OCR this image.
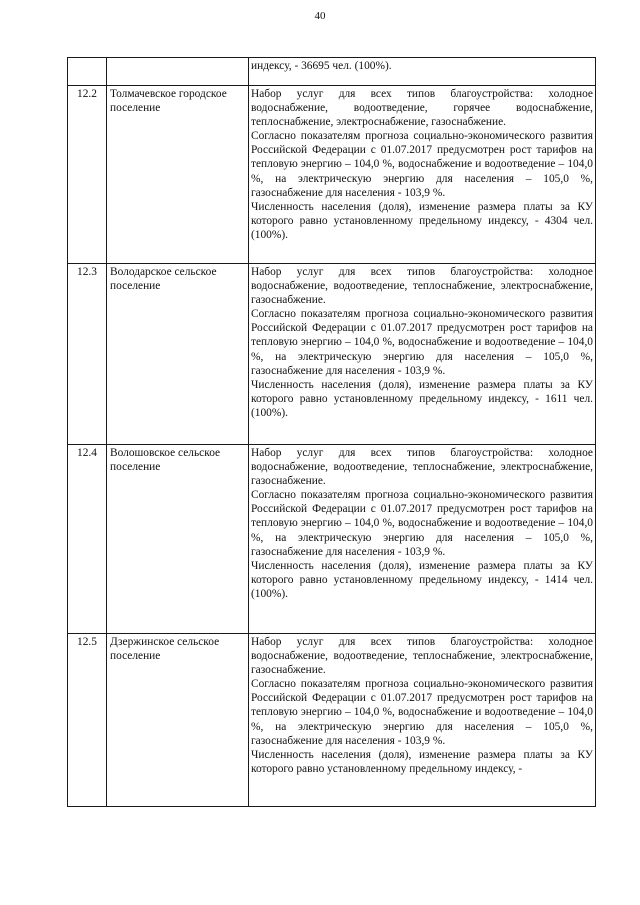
40

		индексу, - 36695 чел. (100%).

12.2	Толмачевское городское поселение	Набор услуг для всех типов благоустройства: холодное водоснабжение, водоотведение, горячее водоснабжение, теплоснабжение, электроснабжение, газоснабжение.

Согласно показателям прогноза социально-экономического развития Российской Федерации с 01.07.2017 предусмотрен рост тарифов на тепловую энергию – 104,0 %, водоснабжение и водоотведение – 104,0 %, на электрическую энергию для населения – 105,0 %, газоснабжение для населения - 103,9 %.

Численность населения (доля), изменение размера платы за КУ которого равно установленному предельному индексу, - 4304 чел. (100%).

12.3	Володарское сельское поселение	Набор услуг для всех типов благоустройства: холодное водоснабжение, водоотведение, теплоснабжение, электроснабжение, газоснабжение.

Согласно показателям прогноза социально-экономического развития Российской Федерации с 01.07.2017 предусмотрен рост тарифов на тепловую энергию – 104,0 %, водоснабжение и водоотведение – 104,0 %, на электрическую энергию для населения – 105,0 %, газоснабжение для населения - 103,9 %.

Численность населения (доля), изменение размера платы за КУ которого равно установленному предельному индексу, - 1611 чел. (100%).

12.4	Волошовское сельское поселение	Набор услуг для всех типов благоустройства: холодное водоснабжение, водоотведение, теплоснабжение, электроснабжение, газоснабжение.

Согласно показателям прогноза социально-экономического развития Российской Федерации с 01.07.2017 предусмотрен рост тарифов на тепловую энергию – 104,0 %, водоснабжение и водоотведение – 104,0 %, на электрическую энергию для населения – 105,0 %, газоснабжение для населения - 103,9 %.

Численность населения (доля), изменение размера платы за КУ которого равно установленному предельному индексу, - 1414 чел. (100%).

12.5	Дзержинское сельское поселение	Набор услуг для всех типов благоустройства: холодное водоснабжение, водоотведение, теплоснабжение, электроснабжение, газоснабжение.

Согласно показателям прогноза социально-экономического развития Российской Федерации с 01.07.2017 предусмотрен рост тарифов на тепловую энергию – 104,0 %, водоснабжение и водоотведение – 104,0 %, на электрическую энергию для населения – 105,0 %, газоснабжение для населения - 103,9 %.

Численность населения (доля), изменение размера платы за КУ которого равно установленному предельному индексу, -
